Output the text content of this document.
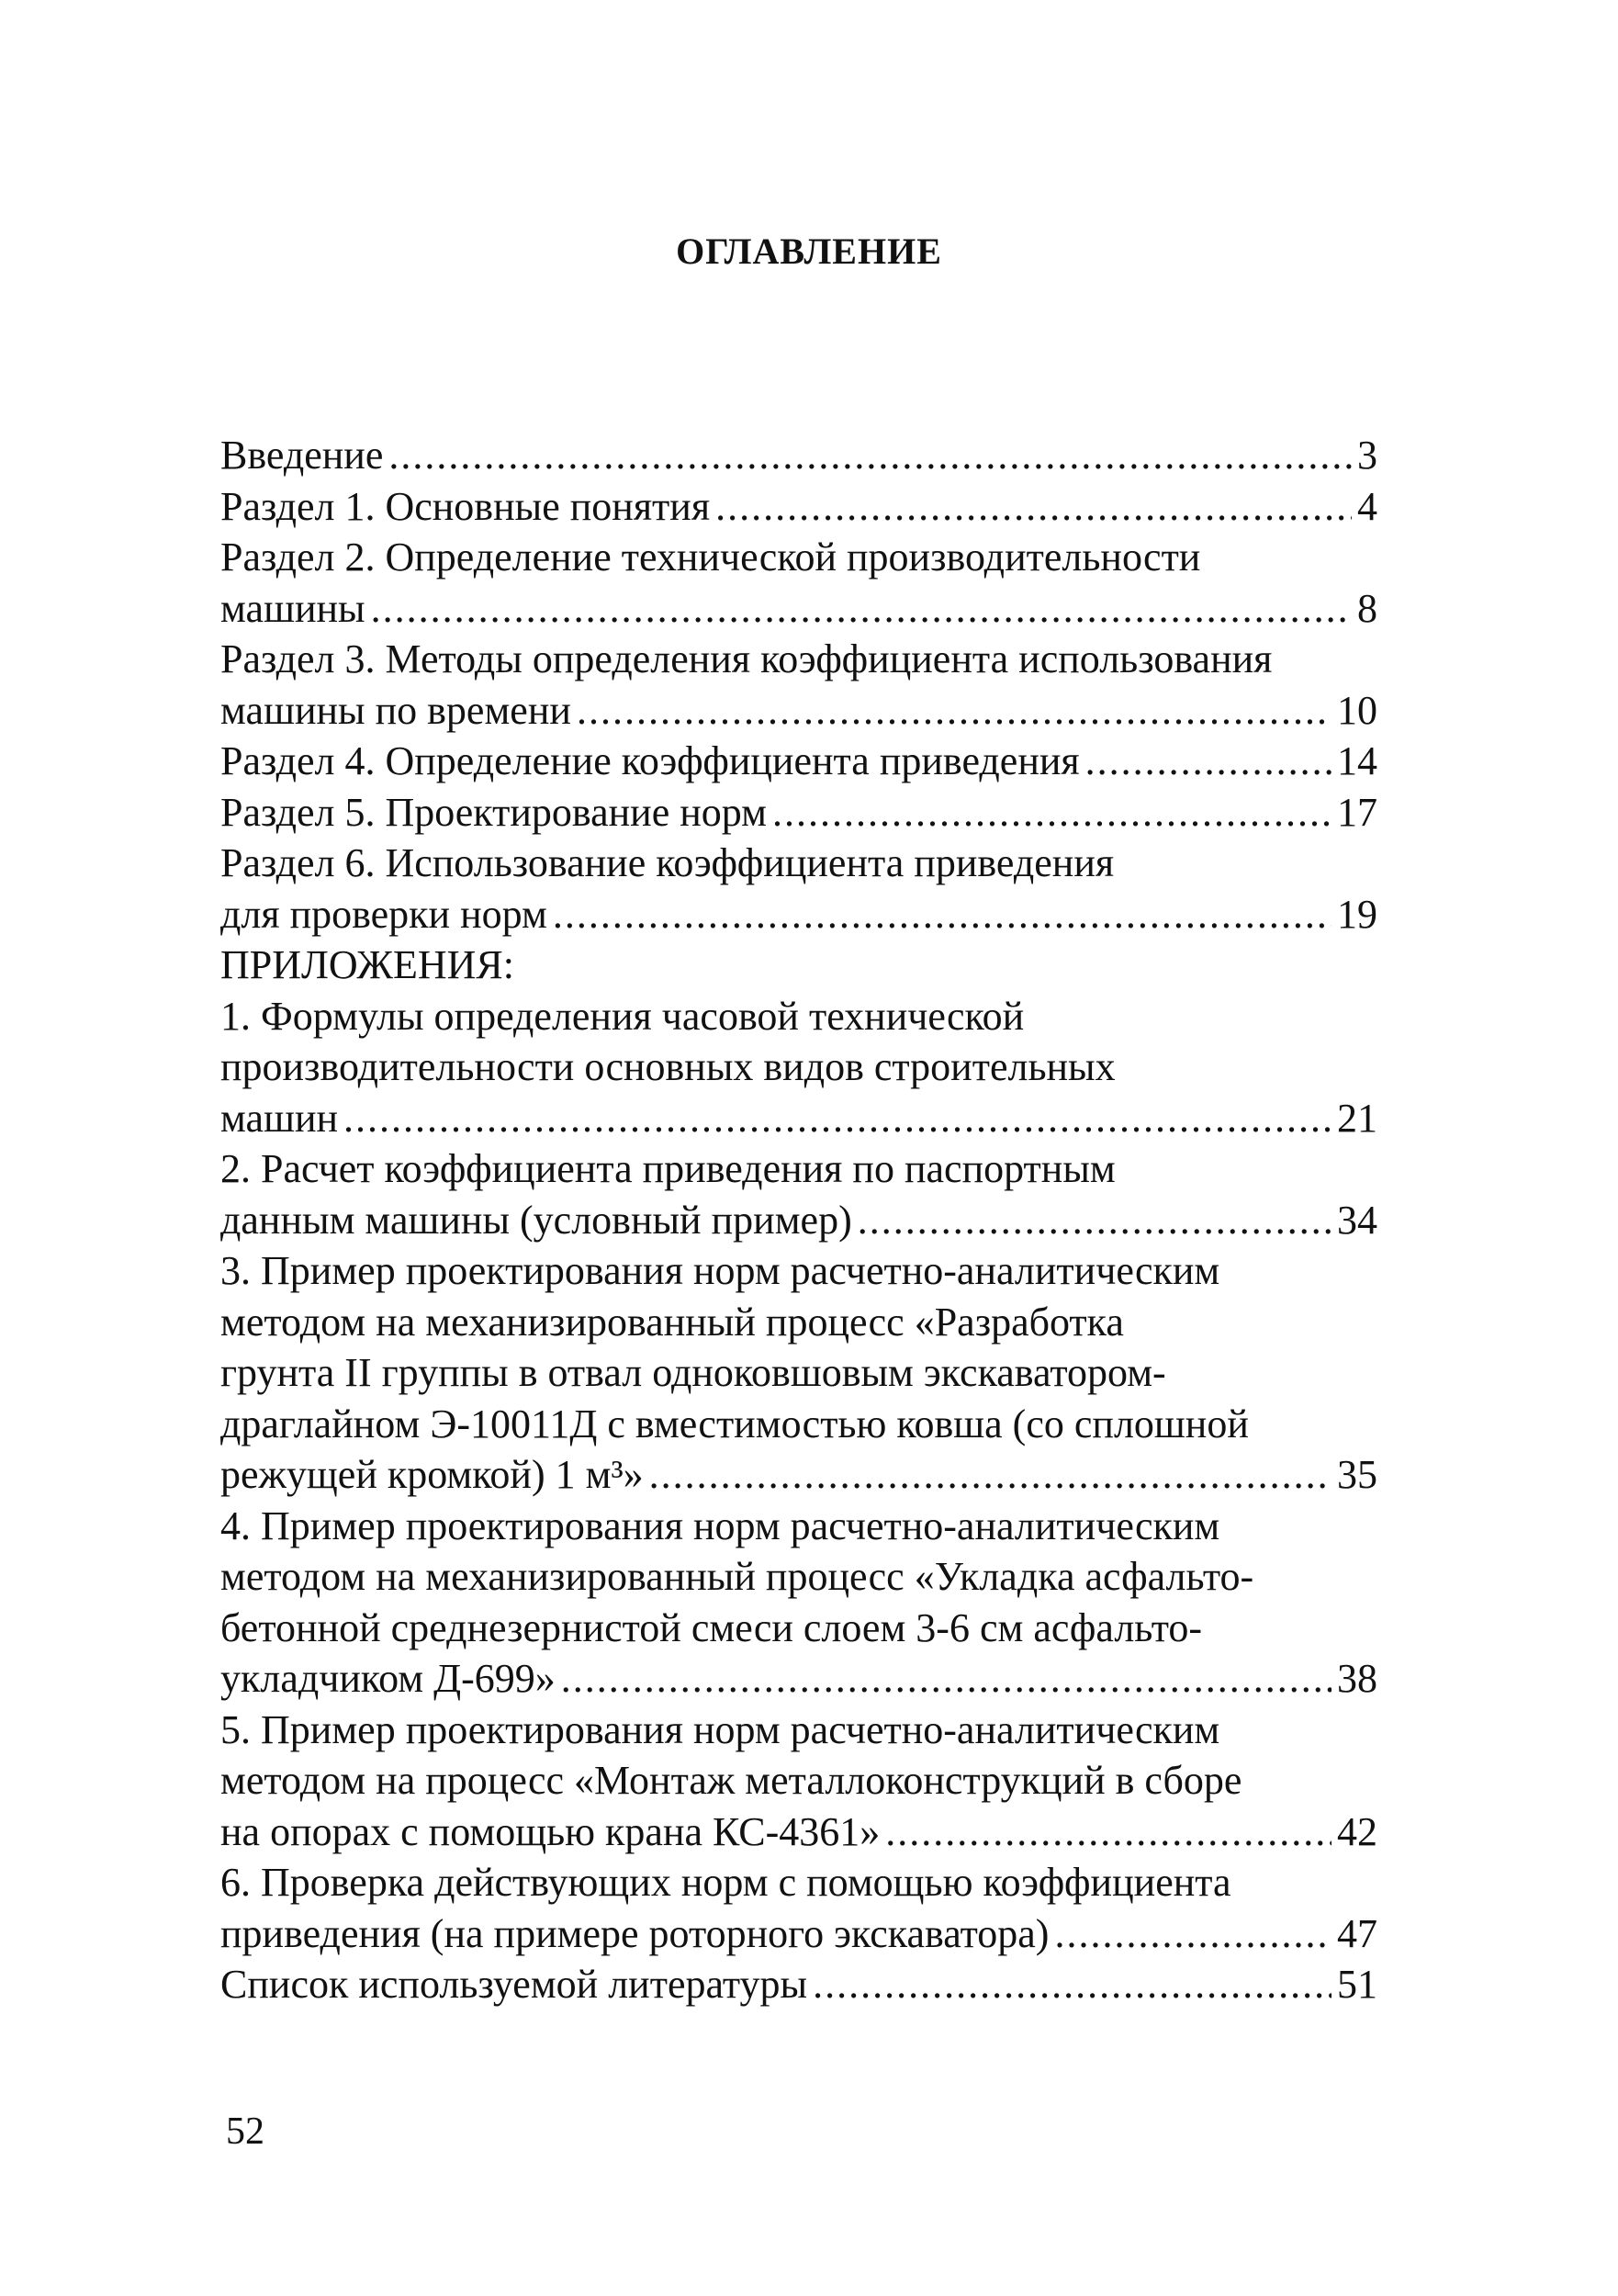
ОГЛАВЛЕНИЕ
Введение .....	3
Раздел 1. Основные понятия .....	4
Раздел 2. Определение технической производительности
машины .....	8
Раздел 3. Методы определения коэффициента использования
машины по времени .....	10
Раздел 4. Определение коэффициента приведения .....	14
Раздел 5. Проектирование норм .....	17
Раздел 6. Использование коэффициента приведения
для проверки норм .....	19
ПРИЛОЖЕНИЯ:
1. Формулы определения часовой технической
производительности основных видов строительных
машин .....	21
2. Расчет коэффициента приведения по паспортным
данным машины (условный пример) .....	34
3. Пример проектирования норм расчетно-аналитическим
методом на механизированный процесс «Разработка
грунта II группы в отвал одноковшовым экскаватором-
драглайном Э-10011Д с вместимостью ковша (со сплошной
режущей кромкой) 1 м³» .....	35
4. Пример проектирования норм расчетно-аналитическим
методом на механизированный процесс «Укладка асфальто-
бетонной среднезернистой смеси слоем 3-6 см асфальто-
укладчиком Д-699» .....	38
5. Пример проектирования норм расчетно-аналитическим
методом на процесс «Монтаж металлоконструкций в сборе
на опорах с помощью крана КС-4361» .....	42
6. Проверка действующих норм с помощью коэффициента
приведения (на примере роторного экскаватора) .....	47
Список используемой литературы .....	51
52
